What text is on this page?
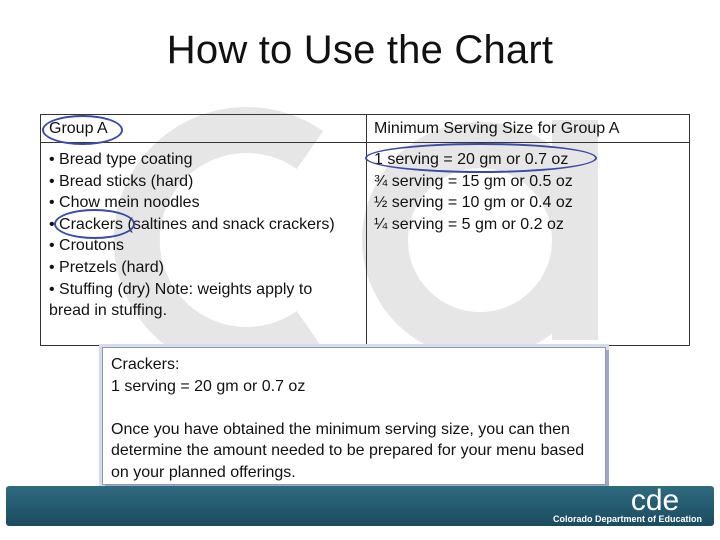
How to Use the Chart
Group A	Minimum Serving Size for Group A
• Bread type coating
• Bread sticks (hard)
• Chow mein noodles
• Crackers (saltines and snack crackers)
• Croutons
• Pretzels (hard)
• Stuffing (dry) Note: weights apply to bread in stuffing.
1 serving = 20 gm or 0.7 oz
¾ serving = 15 gm or 0.5 oz
½ serving = 10 gm or 0.4 oz
¼ serving = 5 gm or 0.2 oz
Crackers:
1 serving = 20 gm or 0.7 oz
Once you have obtained the minimum serving size, you can then determine the amount needed to be prepared for your menu based on your planned offerings.
cde
Colorado Department of Education
